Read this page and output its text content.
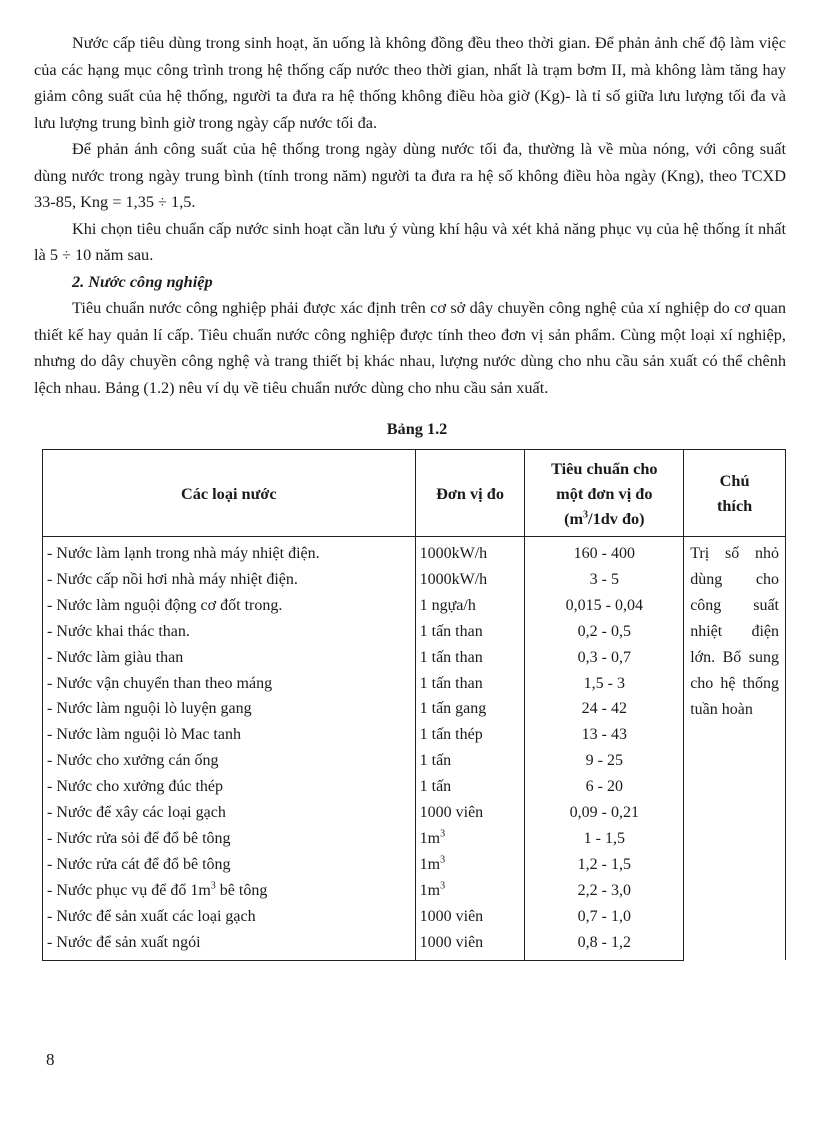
Nước cấp tiêu dùng trong sinh hoạt, ăn uống là không đồng đều theo thời gian. Để phản ảnh chế độ làm việc của các hạng mục công trình trong hệ thống cấp nước theo thời gian, nhất là trạm bơm II, mà không làm tăng hay giảm công suất của hệ thống, người ta đưa ra hệ thống không điều hòa giờ (Kg)- là tỉ số giữa lưu lượng tối đa và lưu lượng trung bình giờ trong ngày cấp nước tối đa.

Để phản ánh công suất của hệ thống trong ngày dùng nước tối đa, thường là về mùa nóng, với công suất dùng nước trong ngày trung bình (tính trong năm) người ta đưa ra hệ số không điều hòa ngày (Kng), theo TCXD 33-85, Kng = 1,35 ÷ 1,5.

Khi chọn tiêu chuẩn cấp nước sinh hoạt cần lưu ý vùng khí hậu và xét khả năng phục vụ của hệ thống ít nhất là 5 ÷ 10 năm sau.

2. Nước công nghiệp

Tiêu chuẩn nước công nghiệp phải được xác định trên cơ sở dây chuyền công nghệ của xí nghiệp do cơ quan thiết kế hay quản lí cấp. Tiêu chuẩn nước công nghiệp được tính theo đơn vị sản phẩm. Cùng một loại xí nghiệp, nhưng do dây chuyền công nghệ và trang thiết bị khác nhau, lượng nước dùng cho nhu cầu sản xuất có thể chênh lệch nhau. Bảng (1.2) nêu ví dụ về tiêu chuẩn nước dùng cho nhu cầu sản xuất.

Bảng 1.2
Các loại nước	Đơn vị đo	Tiêu chuẩn cho
một đơn vị đo
($m^3/1dv$ đo)	Chú
thích
- Nước làm lạnh trong nhà máy nhiệt điện.	1000kW/h	160 - 400	Trị số nhỏ dùng cho công suất nhiệt điện lớn. Bổ sung cho hệ thống tuần hoàn
- Nước cấp nồi hơi nhà máy nhiệt điện.	1000kW/h	3 - 5	
- Nước làm nguội động cơ đốt trong.	1 ngựa/h	0,015 - 0,04	
- Nước khai thác than.	1 tấn than	0,2 - 0,5	
- Nước làm giàu than	1 tấn than	0,3 - 0,7	
- Nước vận chuyển than theo máng	1 tấn than	1,5 - 3	
- Nước làm nguội lò luyện gang	1 tấn gang	24 - 42	
- Nước làm nguội lò Mac tanh	1 tấn thép	13 - 43	
- Nước cho xưởng cán ống	1 tấn	9 - 25	
- Nước cho xưởng đúc thép	1 tấn	6 - 20	
- Nước để xây các loại gạch	1000 viên	0,09 - 0,21	
- Nước rửa sỏi để đổ bê tông	$1m^3$	1 - 1,5	
- Nước rửa cát để đổ bê tông	$1m^3$	1,2 - 1,5	
- Nước phục vụ để đổ $1m^3$ bê tông	$1m^3$	2,2 - 3,0	
- Nước để sản xuất các loại gạch	1000 viên	0,7 - 1,0	
- Nước để sản xuất ngói	1000 viên	0,8 - 1,2	
8
